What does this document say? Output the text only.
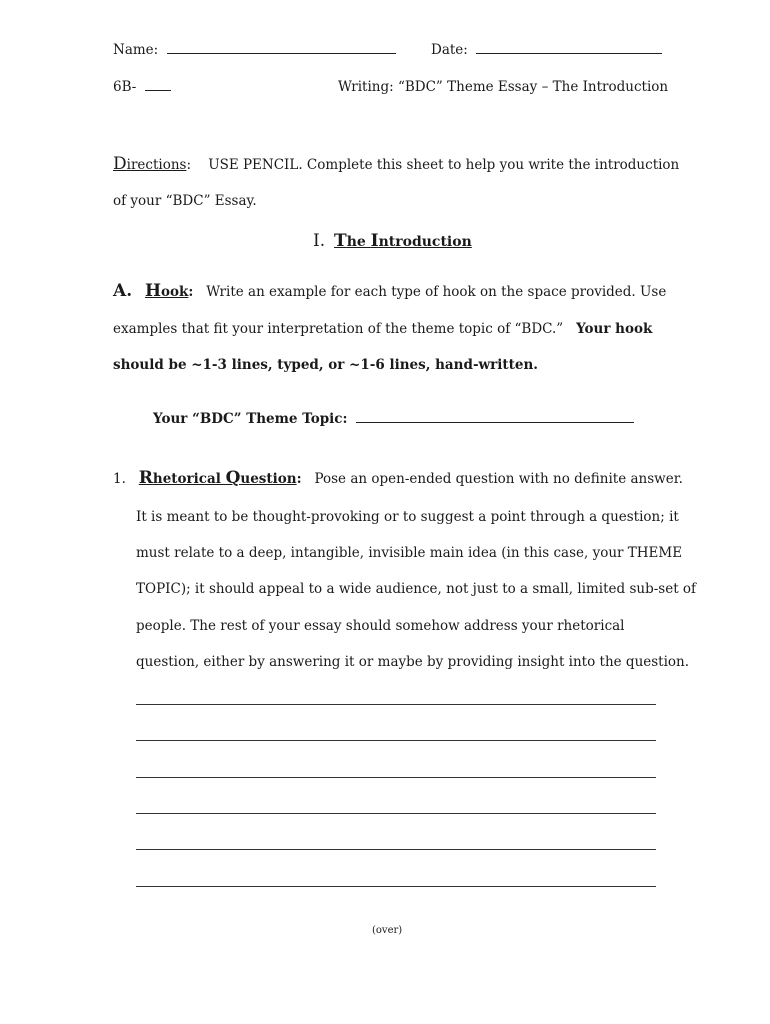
Name:	Date:
6B-	Writing: “BDC” Theme Essay – The Introduction
Directions: USE PENCIL. Complete this sheet to help you write the introduction
of your “BDC” Essay.
I. The Introduction
A. Hook: Write an example for each type of hook on the space provided. Use
examples that fit your interpretation of the theme topic of “BDC.” Your hook
should be ~1-3 lines, typed, or ~1-6 lines, hand-written.
Your “BDC” Theme Topic:
1. Rhetorical Question: Pose an open-ended question with no definite answer.
It is meant to be thought-provoking or to suggest a point through a question; it
must relate to a deep, intangible, invisible main idea (in this case, your THEME
TOPIC); it should appeal to a wide audience, not just to a small, limited sub-set of
people. The rest of your essay should somehow address your rhetorical
question, either by answering it or maybe by providing insight into the question.
(over)
